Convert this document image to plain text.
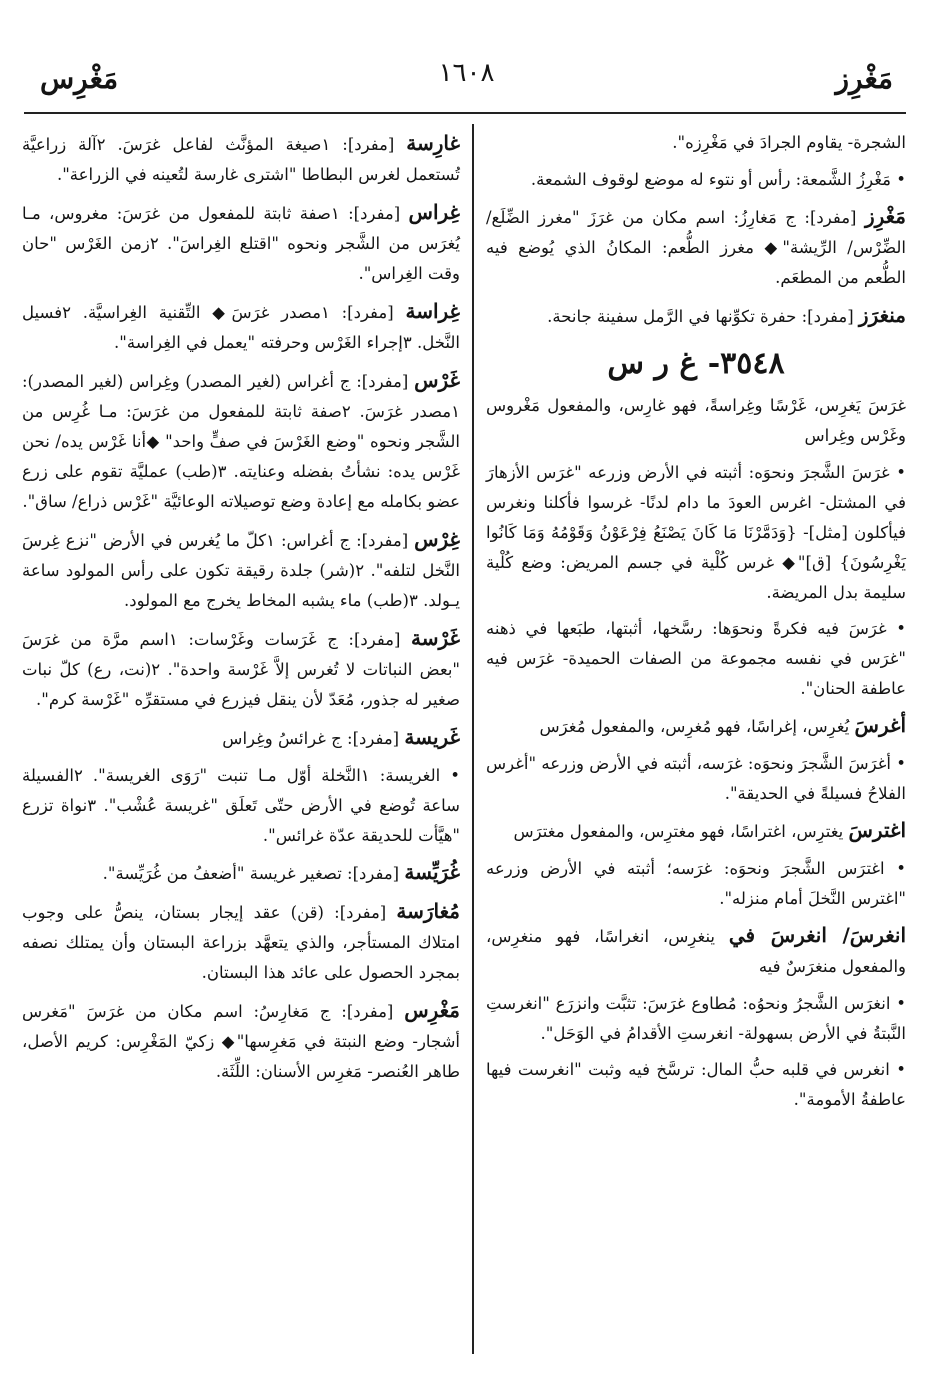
مَغْرِز
١٦٠٨
مَغْرِس

الشجرة- يقاوم الجرادَ في مَغْرِزه".

• مَغْرِزُ الشَّمعة: رأس أو نتوء له موضع لوقوف الشمعة.

مَغْرِز [مفرد]: ج مَغارِزُ: اسم مكان من غرَزَ "مغرز الضِّلَع/ الضِّرْس/ الرِّيشة"◆ مغرز الطُّعم: المكانُ الذي يُوضع فيه الطُّعم من المطعَم.

منغرَز [مفرد]: حفرة تكوِّنها في الرَّمل سفينة جانحة.

٣٥٤٨- غ ر س

غرَسَ يَغرِس، غَرْسًا وغِراسةً، فهو غارِس، والمفعول مَغْروس وغَرْس وغِراس

• غرَسَ الشَّجرَ ونحوَه: أثبته في الأرض وزرعه "غرَس الأزهارَ في المشتل- اغرس العودَ ما دام لدنًا- غرسوا فأكلنا ونغرس فيأكلون [مثل]- {وَدَمَّرْنَا مَا كَانَ يَصْنَعُ فِرْعَوْنُ وَقَوْمُهُ وَمَا كَانُوا يَغْرِسُونَ} [ق]"◆ غرس كُلْية في جسم المريض: وضع كُلْية سليمة بدل المريضة.

• غرَسَ فيه فكرةً ونحوَها: رسَّخها، أثبتها، طبَعها في ذهنه "غرَس في نفسه مجموعة من الصفات الحميدة- غرَس فيه عاطفة الحنان".

أغرسَ يُغرِس، إغراسًا، فهو مُغرِس، والمفعول مُغرَس

• أغرَسَ الشَّجرَ ونحوَه: غرَسه، أثبته في الأرض وزرعه "أغرس الفلاحُ فسيلةً في الحديقة".

اغترسَ يغترِس، اغتراسًا، فهو مغترِس، والمفعول مغترَس

• اغترَس الشَّجرَ ونحوَه: غرَسه؛ أثبته في الأرض وزرعه "اغترس النَّخلَ أمام منزله".

انغرسَ/ انغرسَ في ينغرِس، انغراسًا، فهو منغرِس، والمفعول منغرَسٌ فيه

• انغرَس الشَّجرُ ونحوُه: مُطاوع غرَسَ: تثبَّت وانزرَع "انغرستِ النَّبتةُ في الأرض بسهولة- انغرستِ الأقدامُ في الوَحَل".

• انغرس في قلبه حبُّ المال: ترسَّخ فيه وثبت "انغرست فيها عاطفةُ الأمومة".

غارِسة [مفرد]: ١صيغة المؤنَّث لفاعل غرَسَ. ٢آلة زراعيَّة تُستعمل لغرس البطاطا "اشترى غارسة لتُعينه في الزراعة".

غِراس [مفرد]: ١صفة ثابتة للمفعول من غرَسَ: مغروس، مـا يُغرَس من الشَّجر ونحوه "اقتلع الغِراسَ". ٢زمن الغَرْس "حان وقت الغِراس".

غِراسة [مفرد]: ١مصدر غرَسَ◆ التِّقنية الغِراسيَّة. ٢فسيل النَّخل. ٣إجراء الغَرْس وحرفته "يعمل في الغِراسة".

غَرْس [مفرد]: ج أغراس (لغير المصدر) وغِراس (لغير المصدر): ١مصدر غرَسَ. ٢صفة ثابتة للمفعول من غرَسَ: مـا غُرِس من الشَّجر ونحوه "وضع الغَرْسَ في صفٍّ واحد" ◆أنا غَرْس يده/ نحن غَرْس يده: نشأتُ بفضله وعنايته. ٣(طب) عمليَّة تقوم على زرع عضو بكامله مع إعادة وضع توصيلاته الوعائيَّة "غَرْس ذراع/ ساق".

غِرْس [مفرد]: ج أغراس: ١كلّ ما يُغرس في الأرض "نزع غِرسَ النَّخل لتلفه". ٢(شر) جلدة رقيقة تكون على رأس المولود ساعة يـولد. ٣(طب) ماء يشبه المخاط يخرج مع المولود.

غَرْسة [مفرد]: ج غَرَسات وغَرْسات: ١اسم مرَّة من غرَسَ "بعض النباتات لا تُغرس إلاَّ غَرْسة واحدة". ٢(نت، رع) كلّ نبات صغير له جذور، مُعَدّ لأن ينقل فيزرع في مستقرِّه "غَرْسة كرم".

غَريسة [مفرد]: ج غرائسُ وغِراس

• الغريسة: ١النَّخلة أوّل مـا تنبت "رَوَى الغريسة". ٢الفسيلة ساعة تُوضع في الأرض حتّى تَعلَق "غريسة عُشْب". ٣نواة تزرع "هيَّأت للحديقة عدّة غرائس".

غُرَيِّسة [مفرد]: تصغير غريسة "أضعفُ من غُرَيِّسة".

مُغارَسة [مفرد]: (قن) عقد إيجار بستان، ينصُّ على وجوب امتلاك المستأجر، والذي يتعهَّد بزراعة البستان وأن يمتلك نصفه بمجرد الحصول على عائد هذا البستان.

مَغْرِس [مفرد]: ج مَغارِسُ: اسم مكان من غرَسَ "مَغرس أشجار- وضع النبتة في مَغرِسها"◆ زكيّ المَغْرِس: كريم الأصل، طاهر العُنصر- مَغرِس الأسنان: اللِّثَة.
